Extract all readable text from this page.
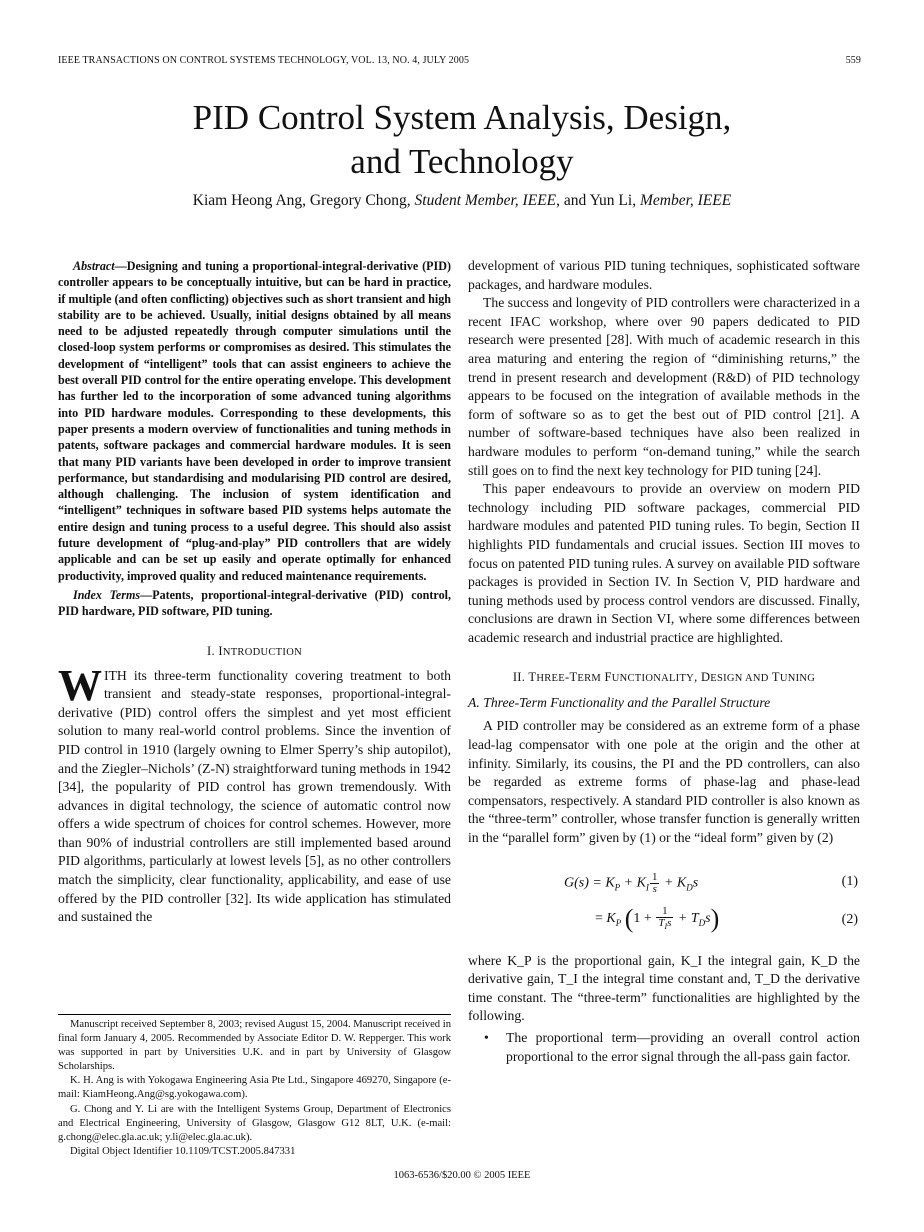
IEEE TRANSACTIONS ON CONTROL SYSTEMS TECHNOLOGY, VOL. 13, NO. 4, JULY 2005	559
PID Control System Analysis, Design,
and Technology
Kiam Heong Ang, Gregory Chong, Student Member, IEEE, and Yun Li, Member, IEEE

Abstract—Designing and tuning a proportional-integral-derivative (PID) controller appears to be conceptually intuitive, but can be hard in practice, if multiple (and often conflicting) objectives such as short transient and high stability are to be achieved. Usually, initial designs obtained by all means need to be adjusted repeatedly through computer simulations until the closed-loop system performs or compromises as desired. This stimulates the development of “intelligent” tools that can assist engineers to achieve the best overall PID control for the entire operating envelope. This development has further led to the incorporation of some advanced tuning algorithms into PID hardware modules. Corresponding to these developments, this paper presents a modern overview of functionalities and tuning methods in patents, software packages and commercial hardware modules. It is seen that many PID variants have been developed in order to improve transient performance, but standardising and modularising PID control are desired, although challenging. The inclusion of system identification and “intelligent” techniques in software based PID systems helps automate the entire design and tuning process to a useful degree. This should also assist future development of “plug-and-play” PID controllers that are widely applicable and can be set up easily and operate optimally for enhanced productivity, improved quality and reduced maintenance requirements.

Index Terms—Patents, proportional-integral-derivative (PID) control, PID hardware, PID software, PID tuning.

I. INTRODUCTION

W ITH its three-term functionality covering treatment to both transient and steady-state responses, proportional-integral-derivative (PID) control offers the simplest and yet most efficient solution to many real-world control problems. Since the invention of PID control in 1910 (largely owning to Elmer Sperry’s ship autopilot), and the Ziegler–Nichols’ (Z-N) straightforward tuning methods in 1942 [34], the popularity of PID control has grown tremendously. With advances in digital technology, the science of automatic control now offers a wide spectrum of choices for control schemes. However, more than 90% of industrial controllers are still implemented based around PID algorithms, particularly at lowest levels [5], as no other controllers match the simplicity, clear functionality, applicability, and ease of use offered by the PID controller [32]. Its wide application has stimulated and sustained the

Manuscript received September 8, 2003; revised August 15, 2004. Manuscript received in final form January 4, 2005. Recommended by Associate Editor D. W. Repperger. This work was supported in part by Universities U.K. and in part by University of Glasgow Scholarships.

K. H. Ang is with Yokogawa Engineering Asia Pte Ltd., Singapore 469270, Singapore (e-mail: KiamHeong.Ang@sg.yokogawa.com).

G. Chong and Y. Li are with the Intelligent Systems Group, Department of Electronics and Electrical Engineering, University of Glasgow, Glasgow G12 8LT, U.K. (e-mail: g.chong@elec.gla.ac.uk; y.li@elec.gla.ac.uk).

Digital Object Identifier 10.1109/TCST.2005.847331

development of various PID tuning techniques, sophisticated software packages, and hardware modules.

The success and longevity of PID controllers were characterized in a recent IFAC workshop, where over 90 papers dedicated to PID research were presented [28]. With much of academic research in this area maturing and entering the region of “diminishing returns,” the trend in present research and development (R&D) of PID technology appears to be focused on the integration of available methods in the form of software so as to get the best out of PID control [21]. A number of software-based techniques have also been realized in hardware modules to perform “on-demand tuning,” while the search still goes on to find the next key technology for PID tuning [24].

This paper endeavours to provide an overview on modern PID technology including PID software packages, commercial PID hardware modules and patented PID tuning rules. To begin, Section II highlights PID fundamentals and crucial issues. Section III moves to focus on patented PID tuning rules. A survey on available PID software packages is provided in Section IV. In Section V, PID hardware and tuning methods used by process control vendors are discussed. Finally, conclusions are drawn in Section VI, where some differences between academic research and industrial practice are highlighted.

II. THREE-TERM FUNCTIONALITY, DESIGN AND TUNING

A. Three-Term Functionality and the Parallel Structure

A PID controller may be considered as an extreme form of a phase lead-lag compensator with one pole at the origin and the other at infinity. Similarly, its cousins, the PI and the PD controllers, can also be regarded as extreme forms of phase-lag and phase-lead compensators, respectively. A standard PID controller is also known as the “three-term” controller, whose transfer function is generally written in the “parallel form” given by (1) or the “ideal form” given by (2)

$G(s) = K_P + K_I \frac{1}{s} + K_Ds$	(1)
= $K_P$ $(1 + \frac{1}{T_Is} + T_Ds)$	(2)

where K_P is the proportional gain, K_I the integral gain, K_D the derivative gain, T_I the integral time constant and, T_D the derivative time constant. The “three-term” functionalities are highlighted by the following.

• The proportional term—providing an overall control action proportional to the error signal through the all-pass gain factor.
1063-6536/$20.00 © 2005 IEEE
